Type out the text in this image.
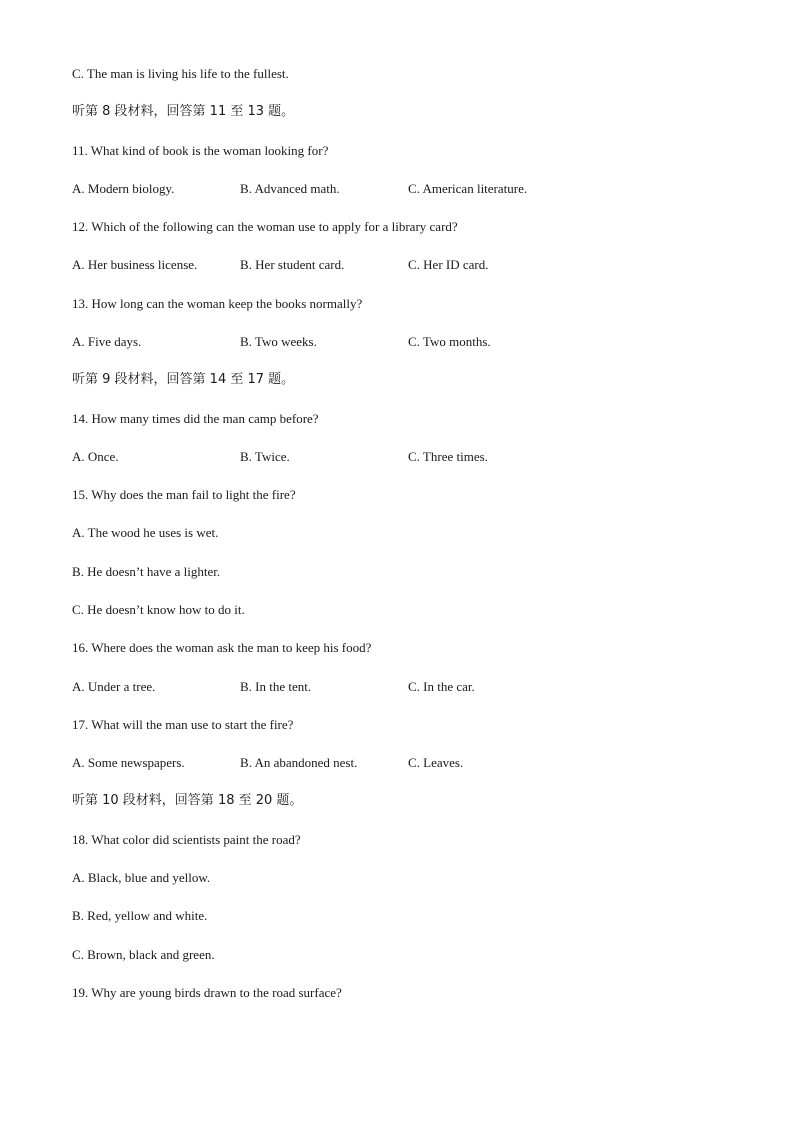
C. The man is living his life to the fullest.
听第 8 段材料，回答第 11 至 13 题。
11. What kind of book is the woman looking for?
A. Modern biology.	B. Advanced math.	C. American literature.
12. Which of the following can the woman use to apply for a library card?
A. Her business license.	B. Her student card.	C. Her ID card.
13. How long can the woman keep the books normally?
A. Five days.	B. Two weeks.	C. Two months.
听第 9 段材料，回答第 14 至 17 题。
14. How many times did the man camp before?
A. Once.	B. Twice.	C. Three times.
15. Why does the man fail to light the fire?
A. The wood he uses is wet.
B. He doesn’t have a lighter.
C. He doesn’t know how to do it.
16. Where does the woman ask the man to keep his food?
A. Under a tree.	B. In the tent.	C. In the car.
17. What will the man use to start the fire?
A. Some newspapers.	B. An abandoned nest.	C. Leaves.
听第 10 段材料，回答第 18 至 20 题。
18. What color did scientists paint the road?
A. Black, blue and yellow.
B. Red, yellow and white.
C. Brown, black and green.
19. Why are young birds drawn to the road surface?
